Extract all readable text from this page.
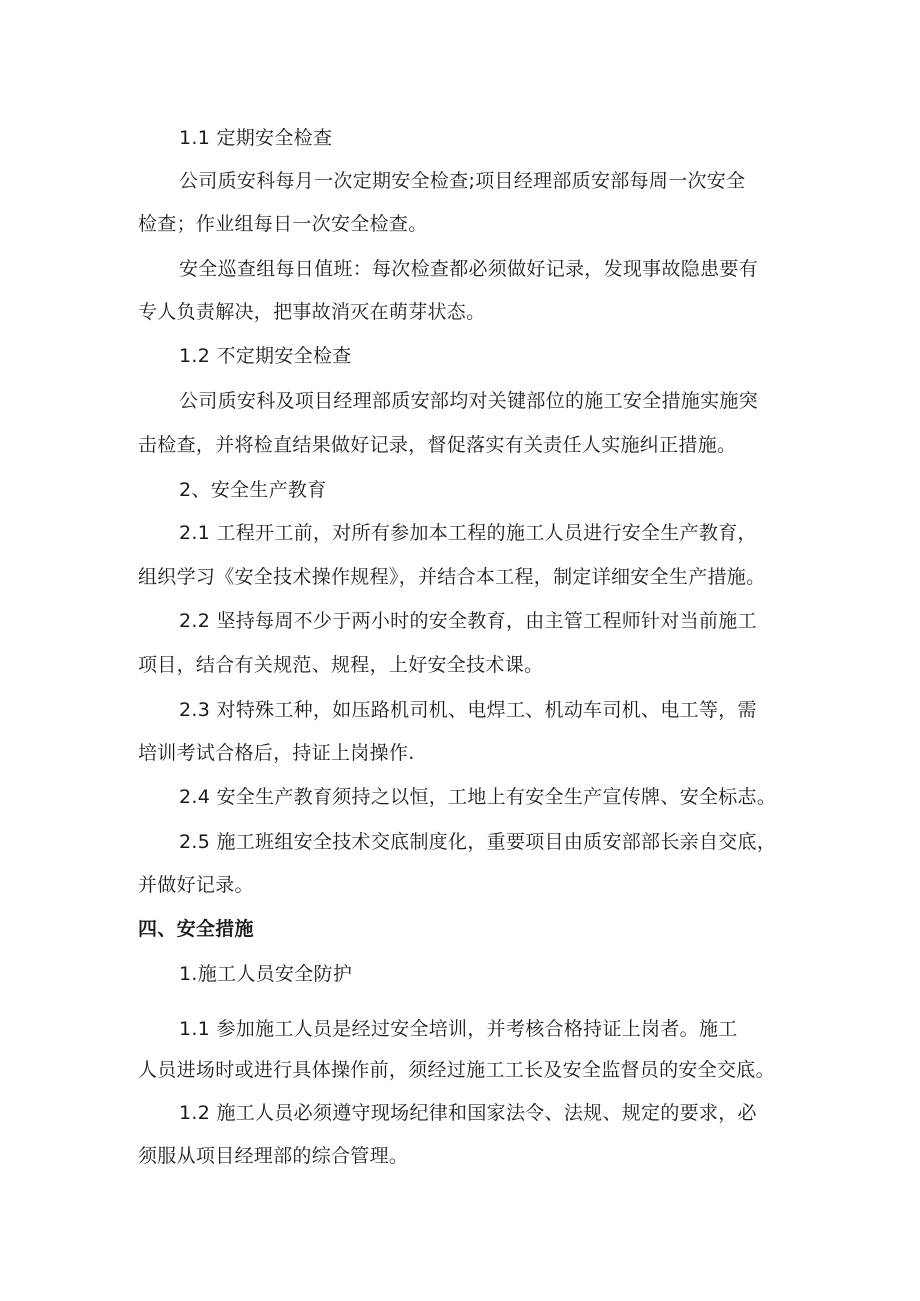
1.1 定期安全检查
公司质安科每月一次定期安全检查;项目经理部质安部每周一次安全
检查；作业组每日一次安全检查。
安全巡查组每日值班：每次检查都必须做好记录，发现事故隐患要有
专人负责解决，把事故消灭在萌芽状态。
1.2 不定期安全检查
公司质安科及项目经理部质安部均对关键部位的施工安全措施实施突
击检查，并将检直结果做好记录，督促落实有关责任人实施纠正措施。
2、安全生产教育
2.1 工程开工前，对所有参加本工程的施工人员进行安全生产教育，
组织学习《安全技术操作规程》，并结合本工程，制定详细安全生产措施。
2.2 坚持每周不少于两小时的安全教育，由主管工程师针对当前施工
项目，结合有关规范、规程，上好安全技术课。
2.3 对特殊工种，如压路机司机、电焊工、机动车司机、电工等，需
培训考试合格后，持证上岗操作.
2.4 安全生产教育须持之以恒，工地上有安全生产宣传牌、安全标志。
2.5 施工班组安全技术交底制度化，重要项目由质安部部长亲自交底，
并做好记录。
四、安全措施
1.施工人员安全防护
1.1 参加施工人员是经过安全培训，并考核合格持证上岗者。施工
人员进场时或进行具体操作前，须经过施工工长及安全监督员的安全交底。
1.2 施工人员必须遵守现场纪律和国家法令、法规、规定的要求，必
须服从项目经理部的综合管理。
